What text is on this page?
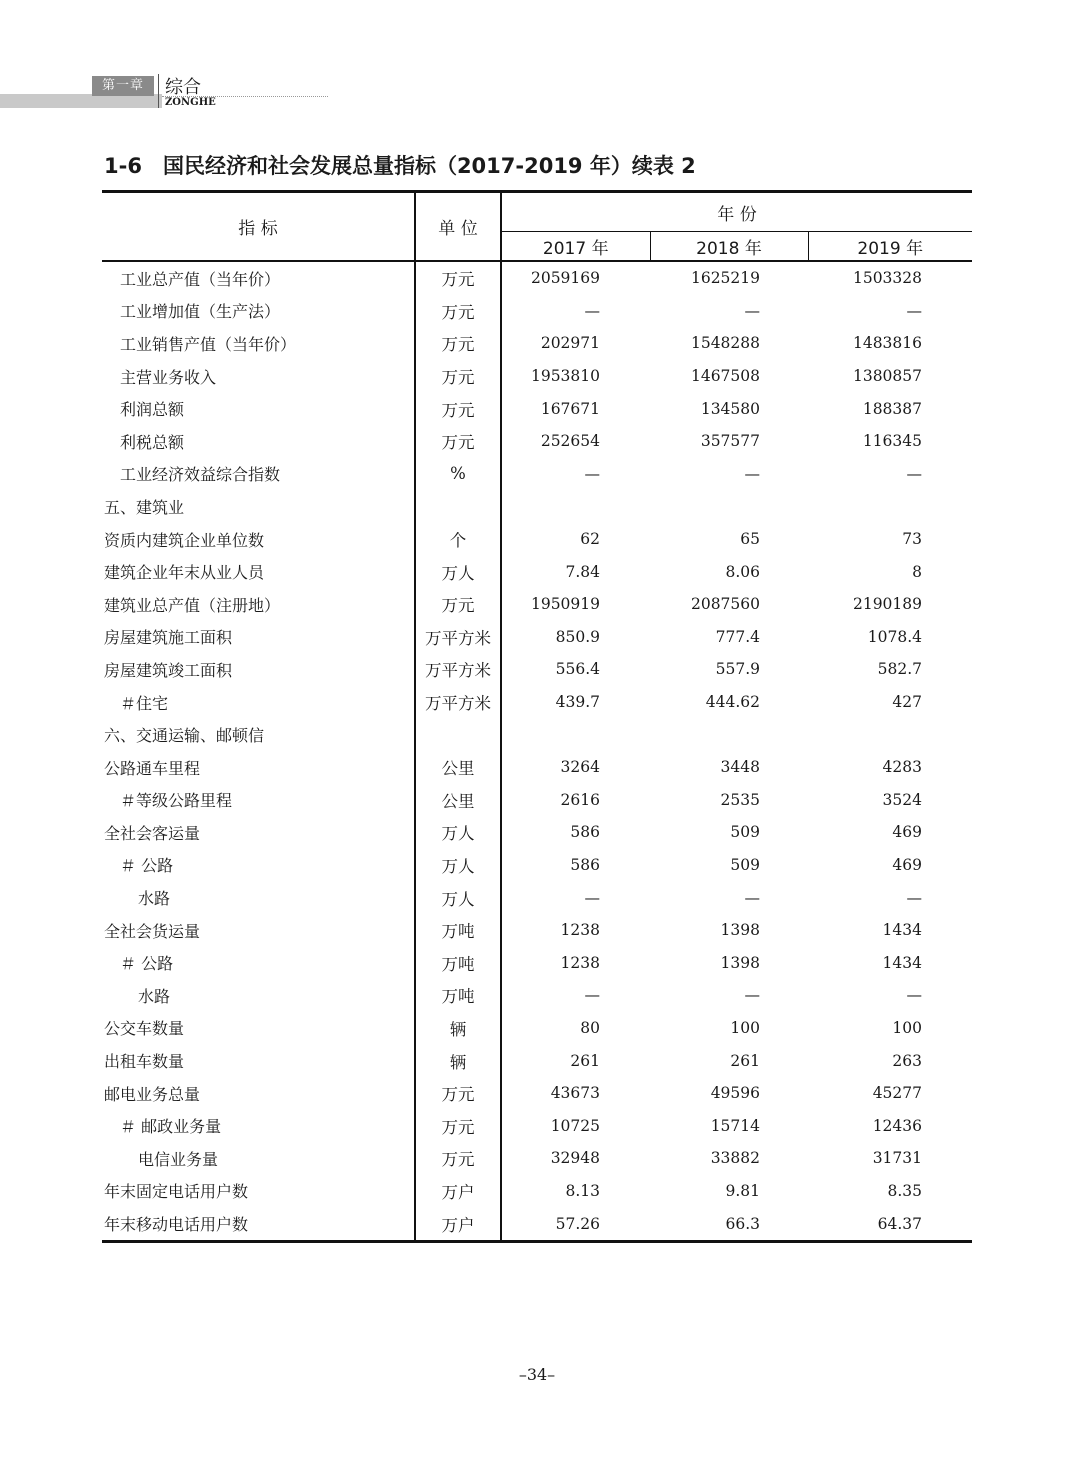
第一章	综合
ZONGHE
1-6　国民经济和社会发展总量指标（2017-2019 年）续表 2
指 标	单 位	年 份		
		2017 年	2018 年	2019 年
工业总产值（当年价）	万元	2059169	1625219	1503328
工业增加值（生产法）	万元	—	—	—
工业销售产值（当年价）	万元	202971	1548288	1483816
主营业务收入	万元	1953810	1467508	1380857
利润总额	万元	167671	134580	188387
利税总额	万元	252654	357577	116345
工业经济效益综合指数	%	—	—	—
五、建筑业				
资质内建筑企业单位数	个	62	65	73
建筑企业年末从业人员	万人	7.84	8.06	8
建筑业总产值（注册地）	万元	1950919	2087560	2190189
房屋建筑施工面积	万平方米	850.9	777.4	1078.4
房屋建筑竣工面积	万平方米	556.4	557.9	582.7
＃住宅	万平方米	439.7	444.62	427
六、交通运输、邮顿信				
公路通车里程	公里	3264	3448	4283
＃等级公路里程	公里	2616	2535	3524
全社会客运量	万人	586	509	469
＃ 公路	万人	586	509	469
水路	万人	—	—	—
全社会货运量	万吨	1238	1398	1434
＃ 公路	万吨	1238	1398	1434
水路	万吨	—	—	—
公交车数量	辆	80	100	100
出租车数量	辆	261	261	263
邮电业务总量	万元	43673	49596	45277
＃ 邮政业务量	万元	10725	15714	12436
电信业务量	万元	32948	33882	31731
年末固定电话用户数	万户	8.13	9.81	8.35
年末移动电话用户数	万户	57.26	66.3	64.37
–34–
